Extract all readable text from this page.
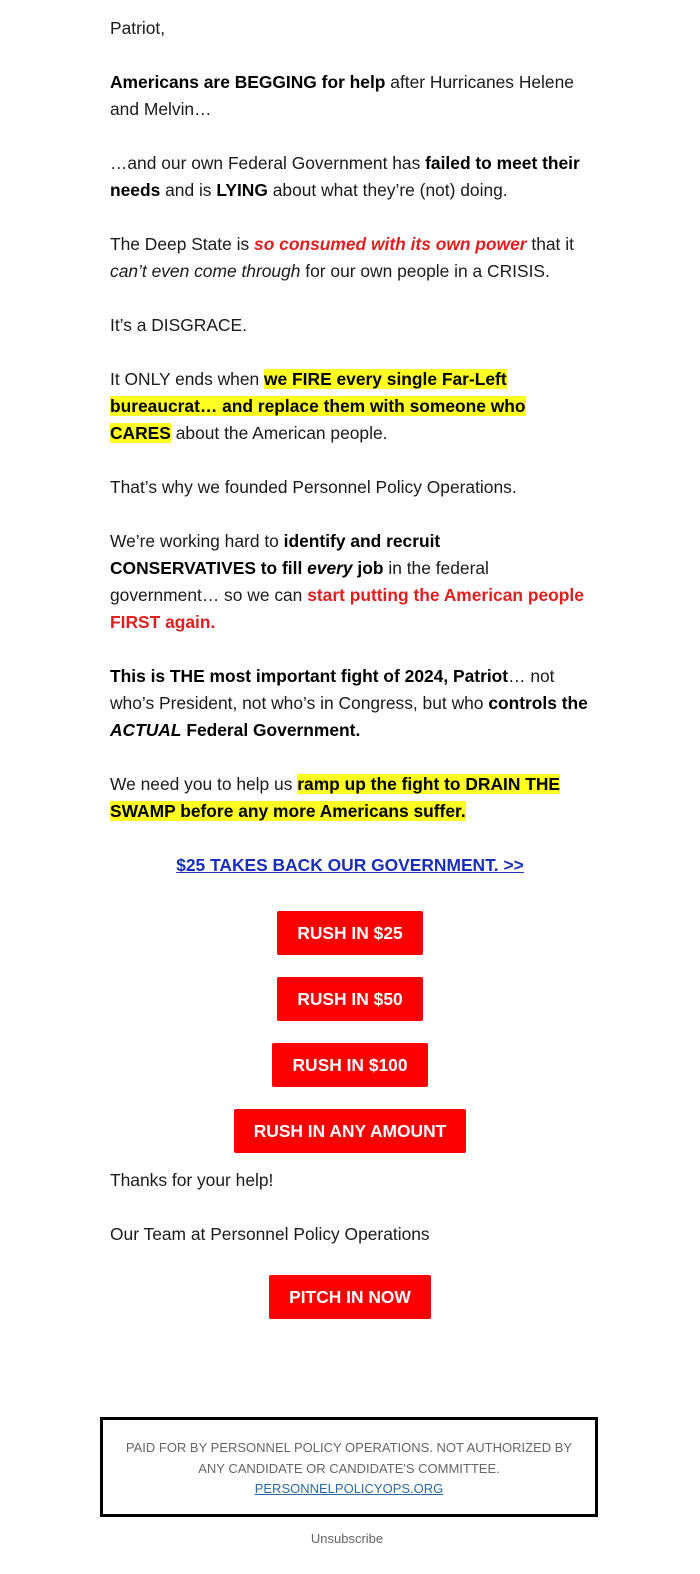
Patriot,

Americans are BEGGING for help after Hurricanes Helene and Melvin…

…and our own Federal Government has failed to meet their needs and is LYING about what they’re (not) doing.

The Deep State is so consumed with its own power that it can’t even come through for our own people in a CRISIS.

It’s a DISGRACE.

It ONLY ends when we FIRE every single Far-Left bureaucrat… and replace them with someone who CARES about the American people.

That’s why we founded Personnel Policy Operations.

We’re working hard to identify and recruit CONSERVATIVES to fill every job in the federal government… so we can start putting the American people FIRST again.

This is THE most important fight of 2024, Patriot… not who’s President, not who’s in Congress, but who controls the ACTUAL Federal Government.

We need you to help us ramp up the fight to DRAIN THE SWAMP before any more Americans suffer.

$25 TAKES BACK OUR GOVERNMENT. >>
RUSH IN $25
RUSH IN $50
RUSH IN $100
RUSH IN ANY AMOUNT

Thanks for your help!

Our Team at Personnel Policy Operations

PITCH IN NOW
PAID FOR BY PERSONNEL POLICY OPERATIONS. NOT AUTHORIZED BY ANY CANDIDATE OR CANDIDATE'S COMMITTEE.
PERSONNELPOLICYOPS.ORG
Unsubscribe
